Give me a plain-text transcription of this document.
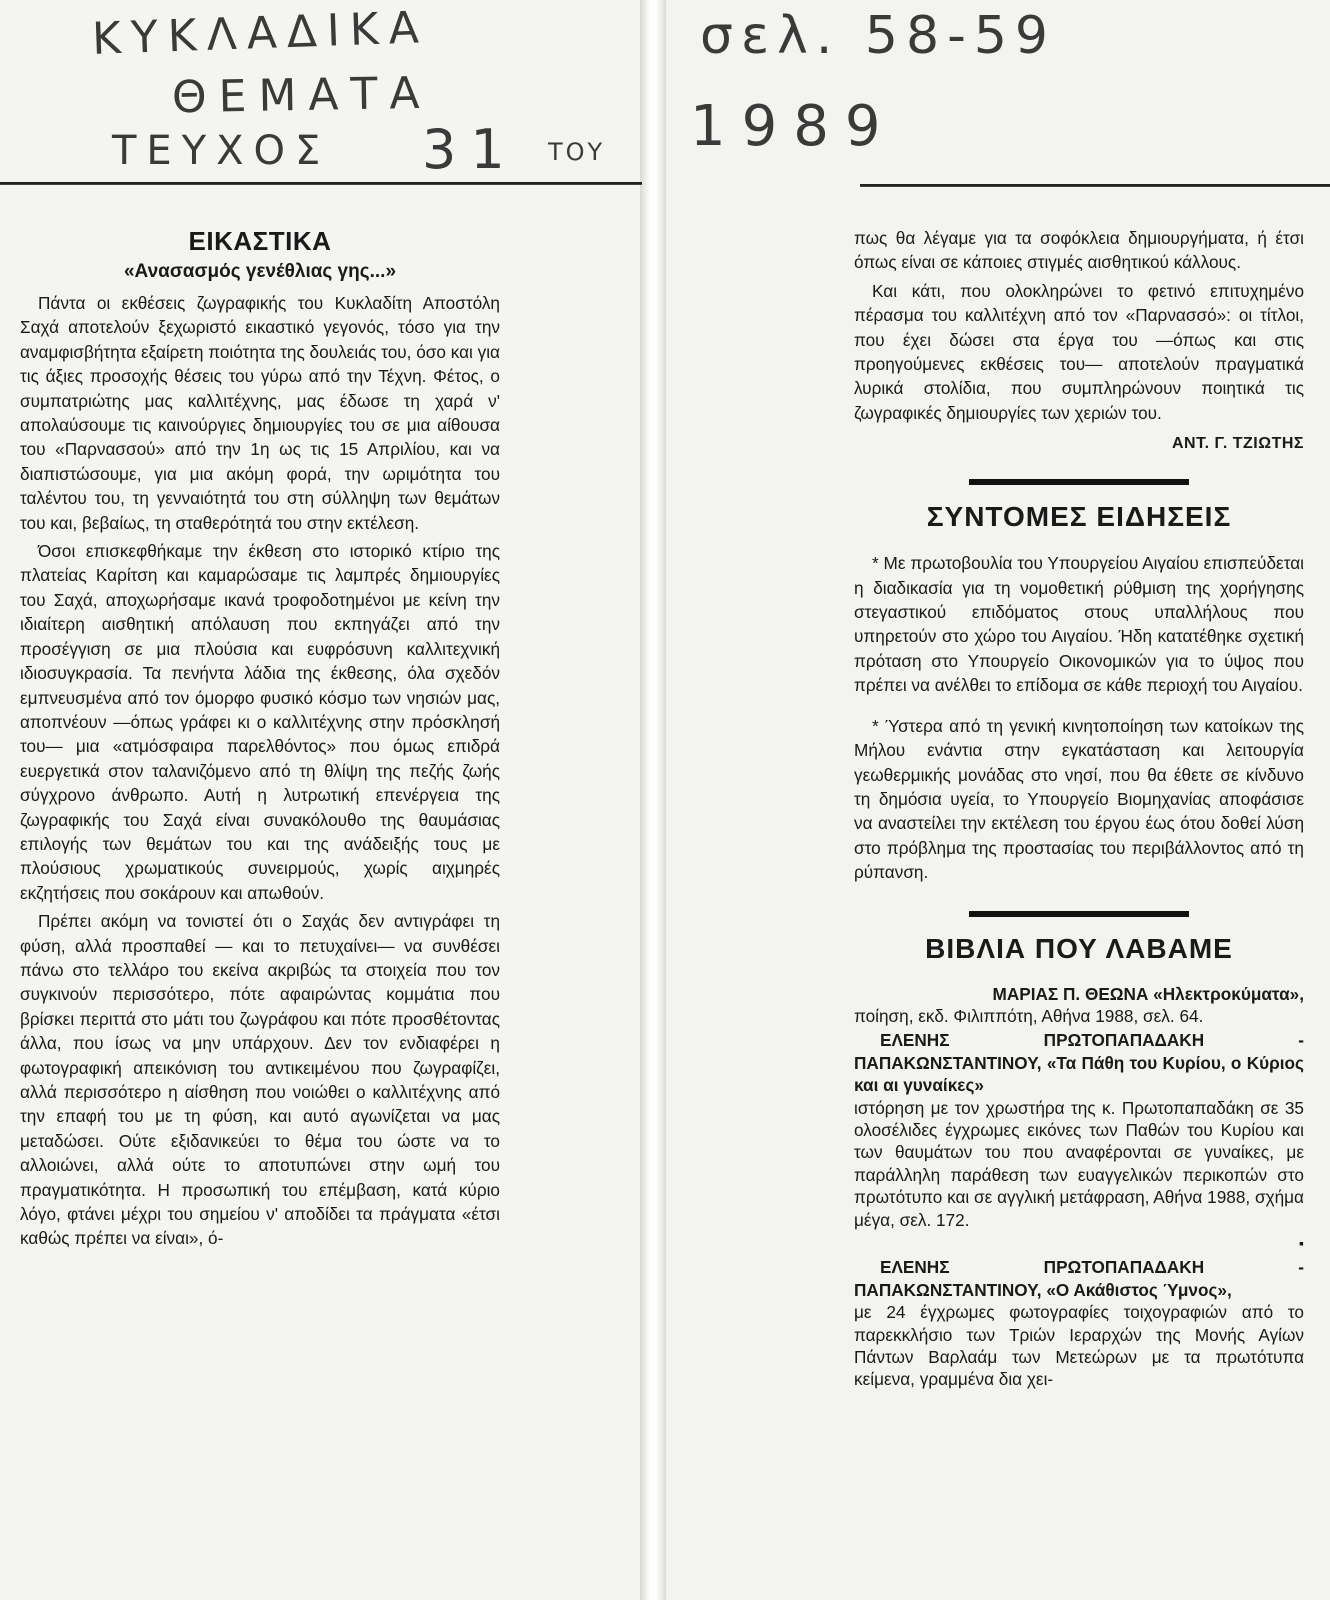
ΚΥΚΛΑΔΙΚΑ
ΘΕΜΑΤΑ
ΤΕΥΧΟΣ 31 ΤΟΥ
σελ. 58-59
1989
ΕΙΚΑΣΤΙΚΑ
«Ανασασμός γενέθλιας γης...»

Πάντα οι εκθέσεις ζωγραφικής του Κυκλαδίτη Αποστόλη Σαχά αποτελούν ξεχωριστό εικαστικό γεγονός, τόσο για την αναμφισβήτητα εξαίρετη ποιότητα της δουλειάς του, όσο και για τις άξιες προσοχής θέσεις του γύρω από την Τέχνη. Φέτος, ο συμπατριώτης μας καλλιτέχνης, μας έδωσε τη χαρά ν' απολαύσουμε τις καινούργιες δημιουργίες του σε μια αίθουσα του «Παρνασσού» από την 1η ως τις 15 Απριλίου, και να διαπιστώσουμε, για μια ακόμη φορά, την ωριμότητα του ταλέντου του, τη γενναιότητά του στη σύλληψη των θεμάτων του και, βεβαίως, τη σταθερότητά του στην εκτέλεση.

Όσοι επισκεφθήκαμε την έκθεση στο ιστορικό κτίριο της πλατείας Καρίτση και καμαρώσαμε τις λαμπρές δημιουργίες του Σαχά, αποχωρήσαμε ικανά τροφοδοτημένοι με κείνη την ιδιαίτερη αισθητική απόλαυση που εκπηγάζει από την προσέγγιση σε μια πλούσια και ευφρόσυνη καλλιτεχνική ιδιοσυγκρασία. Τα πενήντα λάδια της έκθεσης, όλα σχεδόν εμπνευσμένα από τον όμορφο φυσικό κόσμο των νησιών μας, αποπνέουν —όπως γράφει κι ο καλλιτέχνης στην πρόσκλησή του— μια «ατμόσφαιρα παρελθόντος» που όμως επιδρά ευεργετικά στον ταλανιζόμενο από τη θλίψη της πεζής ζωής σύγχρονο άνθρωπο. Αυτή η λυτρωτική επενέργεια της ζωγραφικής του Σαχά είναι συνακόλουθο της θαυμάσιας επιλογής των θεμάτων του και της ανάδειξής τους με πλούσιους χρωματικούς συνειρμούς, χωρίς αιχμηρές εκζητήσεις που σοκάρουν και απωθούν.

Πρέπει ακόμη να τονιστεί ότι ο Σαχάς δεν αντιγράφει τη φύση, αλλά προσπαθεί — και το πετυχαίνει— να συνθέσει πάνω στο τελλάρο του εκείνα ακριβώς τα στοιχεία που τον συγκινούν περισσότερο, πότε αφαιρώντας κομμάτια που βρίσκει περιττά στο μάτι του ζωγράφου και πότε προσθέτοντας άλλα, που ίσως να μην υπάρχουν. Δεν τον ενδιαφέρει η φωτογραφική απεικόνιση του αντικειμένου που ζωγραφίζει, αλλά περισσότερο η αίσθηση που νοιώθει ο καλλιτέχνης από την επαφή του με τη φύση, και αυτό αγωνίζεται να μας μεταδώσει. Ούτε εξιδανικεύει το θέμα του ώστε να το αλλοιώνει, αλλά ούτε το αποτυπώνει στην ωμή του πραγματικότητα. Η προσωπική του επέμβαση, κατά κύριο λόγο, φτάνει μέχρι του σημείου ν' αποδίδει τα πράγματα «έτσι καθώς πρέπει να είναι», ό-

πως θα λέγαμε για τα σοφόκλεια δημιουργήματα, ή έτσι όπως είναι σε κάποιες στιγμές αισθητικού κάλλους.

Και κάτι, που ολοκληρώνει το φετινό επιτυχημένο πέρασμα του καλλιτέχνη από τον «Παρνασσό»: οι τίτλοι, που έχει δώσει στα έργα του —όπως και στις προηγούμενες εκθέσεις του— αποτελούν πραγματικά λυρικά στολίδια, που συμπληρώνουν ποιητικά τις ζωγραφικές δημιουργίες των χεριών του.

ΑΝΤ. Γ. ΤΖΙΩΤΗΣ
ΣΥΝΤΟΜΕΣ ΕΙΔΗΣΕΙΣ

* Με πρωτοβουλία του Υπουργείου Αιγαίου επισπεύδεται η διαδικασία για τη νομοθετική ρύθμιση της χορήγησης στεγαστικού επιδόματος στους υπαλλήλους που υπηρετούν στο χώρο του Αιγαίου. Ήδη κατατέθηκε σχετική πρόταση στο Υπουργείο Οικονομικών για το ύψος που πρέπει να ανέλθει το επίδομα σε κάθε περιοχή του Αιγαίου.

* Ύστερα από τη γενική κινητοποίηση των κατοίκων της Μήλου ενάντια στην εγκατάσταση και λειτουργία γεωθερμικής μονάδας στο νησί, που θα έθετε σε κίνδυνο τη δημόσια υγεία, το Υπουργείο Βιομηχανίας αποφάσισε να αναστείλει την εκτέλεση του έργου έως ότου δοθεί λύση στο πρόβλημα της προστασίας του περιβάλλοντος από τη ρύπανση.

ΒΙΒΛΙΑ ΠΟΥ ΛΑΒΑΜΕ
ΜΑΡΙΑΣ Π. ΘΕΩΝΑ «Ηλεκτροκύματα»,
ποίηση, εκδ. Φιλιππότη, Αθήνα 1988, σελ. 64.
ΕΛΕΝΗΣ ΠΡΩΤΟΠΑΠΑΔΑΚΗ - ΠΑΠΑΚΩΝΣΤΑΝΤΙΝΟΥ, «Τα Πάθη του Κυρίου, ο Κύριος και αι γυναίκες»
ιστόρηση με τον χρωστήρα της κ. Πρωτοπαπαδάκη σε 35 ολοσέλιδες έγχρωμες εικόνες των Παθών του Κυρίου και των θαυμάτων του που αναφέρονται σε γυναίκες, με παράλληλη παράθεση των ευαγγελικών περικοπών στο πρωτότυπο και σε αγγλική μετάφραση, Αθήνα 1988, σχήμα μέγα, σελ. 172.
▪
ΕΛΕΝΗΣ ΠΡΩΤΟΠΑΠΑΔΑΚΗ - ΠΑΠΑΚΩΝΣΤΑΝΤΙΝΟΥ, «Ο Ακάθιστος Ύμνος»,
με 24 έγχρωμες φωτογραφίες τοιχογραφιών από το παρεκκλήσιο των Τριών Ιεραρχών της Μονής Αγίων Πάντων Βαρλαάμ των Μετεώρων με τα πρωτότυπα κείμενα, γραμμένα δια χει-
